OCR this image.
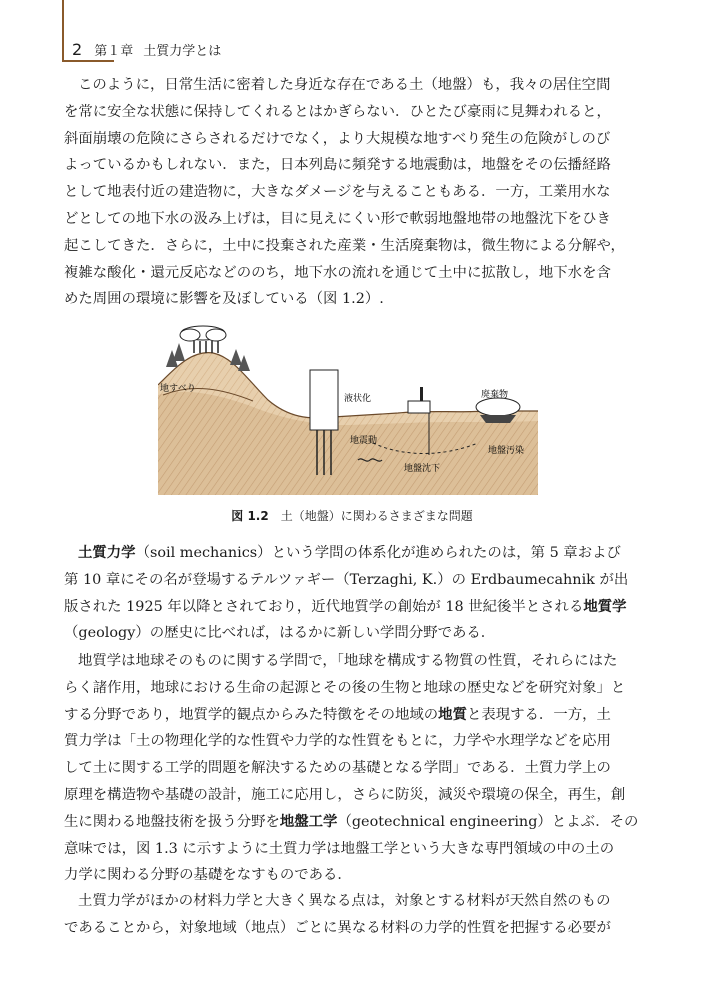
2 第１章 土質力学とは
このように，日常生活に密着した身近な存在である土（地盤）も，我々の居住空間
を常に安全な状態に保持してくれるとはかぎらない．ひとたび豪雨に見舞われると，
斜面崩壊の危険にさらされるだけでなく，より大規模な地すべり発生の危険がしのび
よっているかもしれない．また，日本列島に頻発する地震動は，地盤をその伝播経路
として地表付近の建造物に，大きなダメージを与えることもある．一方，工業用水な
どとしての地下水の汲み上げは，目に見えにくい形で軟弱地盤地帯の地盤沈下をひき
起こしてきた．さらに，土中に投棄された産業・生活廃棄物は，微生物による分解や，
複雑な酸化・還元反応などののち，地下水の流れを通じて土中に拡散し，地下水を含
めた周囲の環境に影響を及ぼしている（図 1.2）.
地すべり
液状化	廃棄物
地震動
地盤沈下
地盤汚染
図 1.2 土（地盤）に関わるさまざまな問題
土質力学（soil mechanics）という学問の体系化が進められたのは，第 5 章および
第 10 章にその名が登場するテルツァギー（Terzaghi, K.）の Erdbaumecahnik が出
版された 1925 年以降とされており，近代地質学の創始が 18 世紀後半とされる地質学
（geology）の歴史に比べれば，はるかに新しい学問分野である．
地質学は地球そのものに関する学問で，「地球を構成する物質の性質，それらにはた
らく諸作用，地球における生命の起源とその後の生物と地球の歴史などを研究対象」と
する分野であり，地質学的観点からみた特徴をその地域の地質と表現する．一方，土
質力学は「土の物理化学的な性質や力学的な性質をもとに，力学や水理学などを応用
して土に関する工学的問題を解決するための基礎となる学問」である．土質力学上の
原理を構造物や基礎の設計，施工に応用し，さらに防災，減災や環境の保全，再生，創
生に関わる地盤技術を扱う分野を地盤工学（geotechnical engineering）とよぶ．その
意味では，図 1.3 に示すように土質力学は地盤工学という大きな専門領域の中の土の
力学に関わる分野の基礎をなすものである．
土質力学がほかの材料力学と大きく異なる点は，対象とする材料が天然自然のもの
であることから，対象地域（地点）ごとに異なる材料の力学的性質を把握する必要が
